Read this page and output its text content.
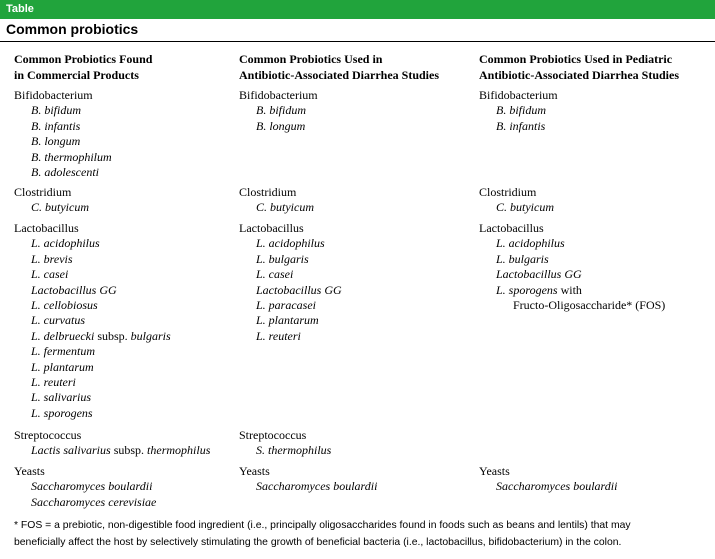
Table
Common probiotics
Common Probiotics Found
in Commercial Products
Bifidobacterium
B. bifidum
B. infantis
B. longum
B. thermophilum
B. adolescenti
Clostridium
C. butyicum
Lactobacillus
L. acidophilus
L. brevis
L. casei
Lactobacillus GG
L. cellobiosus
L. curvatus
L. delbruecki subsp. bulgaris
L. fermentum
L. plantarum
L. reuteri
L. salivarius
L. sporogens
Streptococcus
Lactis salivarius subsp. thermophilus
Yeasts
Saccharomyces boulardii
Saccharomyces cerevisiae
Common Probiotics Used in
Antibiotic-Associated Diarrhea Studies
Bifidobacterium
B. bifidum
B. longum
Clostridium
C. butyicum
Lactobacillus
L. acidophilus
L. bulgaris
L. casei
Lactobacillus GG
L. paracasei
L. plantarum
L. reuteri
Streptococcus
S. thermophilus
Yeasts
Saccharomyces boulardii
Common Probiotics Used in Pediatric
Antibiotic-Associated Diarrhea Studies
Bifidobacterium
B. bifidum
B. infantis
Clostridium
C. butyicum
Lactobacillus
L. acidophilus
L. bulgaris
Lactobacillus GG
L. sporogens with
Fructo-Oligosaccharide* (FOS)
Yeasts
Saccharomyces boulardii
* FOS = a prebiotic, non-digestible food ingredient (i.e., principally oligosaccharides found in foods such as beans and lentils) that may
beneficially affect the host by selectively stimulating the growth of beneficial bacteria (i.e., lactobacillus, bifidobacterium) in the colon.
